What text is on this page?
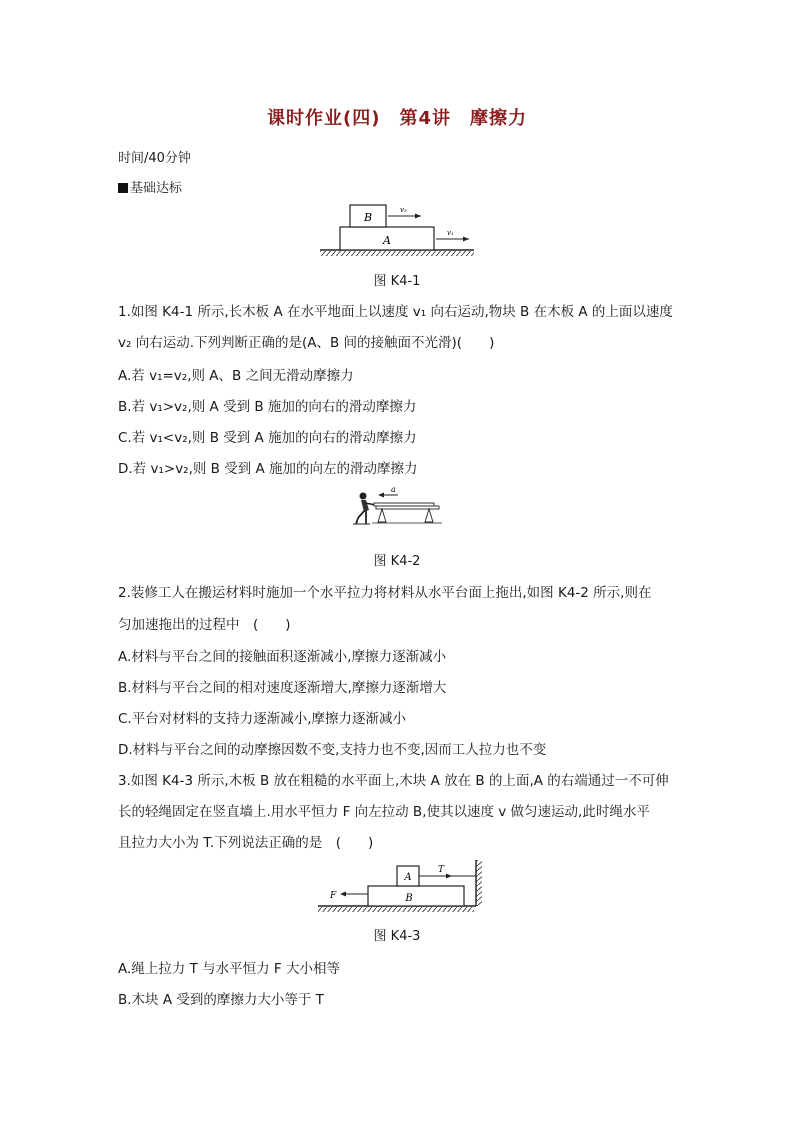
课时作业(四)　第4讲　摩擦力
时间/40分钟
基础达标
B
A
v₂
v₁
图 K4-1
1.如图 K4-1 所示,长木板 A 在水平地面上以速度 v₁ 向右运动,物块 B 在木板 A 的上面以速度
v₂ 向右运动.下列判断正确的是(A、B 间的接触面不光滑)(　　)
A.若 v₁=v₂,则 A、B 之间无滑动摩擦力
B.若 v₁>v₂,则 A 受到 B 施加的向右的滑动摩擦力
C.若 v₁<v₂,则 B 受到 A 施加的向右的滑动摩擦力
D.若 v₁>v₂,则 B 受到 A 施加的向左的滑动摩擦力
a
图 K4-2
2.装修工人在搬运材料时施加一个水平拉力将材料从水平台面上拖出,如图 K4-2 所示,则在
匀加速拖出的过程中　(　　)
A.材料与平台之间的接触面积逐渐减小,摩擦力逐渐减小
B.材料与平台之间的相对速度逐渐增大,摩擦力逐渐增大
C.平台对材料的支持力逐渐减小,摩擦力逐渐减小
D.材料与平台之间的动摩擦因数不变,支持力也不变,因而工人拉力也不变
3.如图 K4-3 所示,木板 B 放在粗糙的水平面上,木块 A 放在 B 的上面,A 的右端通过一不可伸
长的轻绳固定在竖直墙上.用水平恒力 F 向左拉动 B,使其以速度 v 做匀速运动,此时绳水平
且拉力大小为 T.下列说法正确的是　(　　)
B
A
T
F
图 K4-3
A.绳上拉力 T 与水平恒力 F 大小相等
B.木块 A 受到的摩擦力大小等于 T
